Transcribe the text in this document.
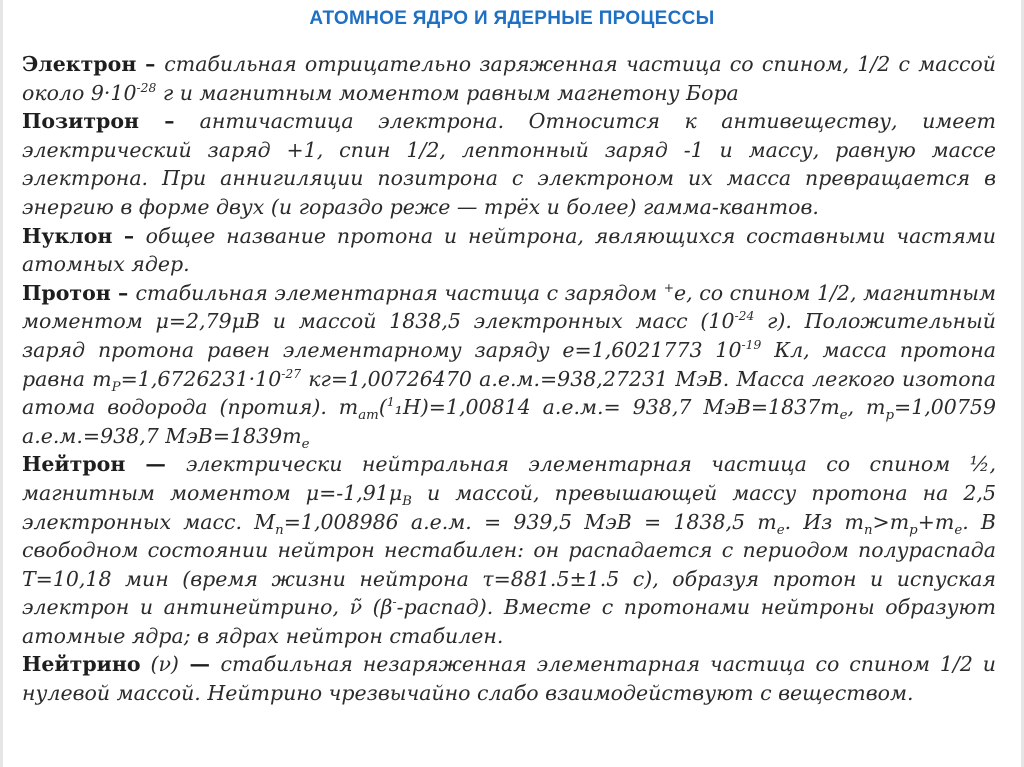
АТОМНОЕ ЯДРО И ЯДЕРНЫЕ ПРОЦЕССЫ

Электрон – стабильная отрицательно заряженная частица со спином, 1/2 с массой около $9\cdot 10^{-28}$ г и магнитным моментом равным магнетону Бора

Позитрон – античастица электрона. Относится к антивеществу, имеет электрический заряд +1, спин 1/2, лептонный заряд -1 и массу, равную массе электрона. При аннигиляции позитрона с электроном их масса превращается в энергию в форме двух (и гораздо реже — трёх и более) гамма-квантов.

Нуклон – общее название протона и нейтрона, являющихся составными частями атомных ядер.

Протон – стабильная элементарная частица с зарядом +е, со спином 1/2, магнитным моментом μ=2,79μB и массой 1838,5 электронных масс ($10^{-24}$ г). Положительный заряд протона равен элементарному заряду е=1,6021773 $10^{-19}$ Кл, масса протона равна $m_P=1,6726231\cdot 10^{-27}$ кг=1,00726470 а.е.м.=938,27231 МэВ. Масса легкого изотопа атома водорода (протия). $m_{am}(^1_1H)=1,00814$ а.е.м.= 938,7 $МэВ=1837m_e$, $m_p=1,00759$ а.е.м.=938,7 $МэВ=1839m_e$

Нейтрон — электрически нейтральная элементарная частица со спином ½, магнитным моментом $\mu=-1,91\mu_B$ и массой, превышающей массу протона на 2,5 электронных масс. $M_n=1,008986$ а.е.м. = 939,5 МэВ = 1838,5 $m_e$. Из $m_n>m_p+m_e$. В свободном состоянии нейтрон нестабилен: он распадается с периодом полураспада T=10,18 мин (время жизни нейтрона τ=881.5±1.5 с), образуя протон и испуская электрон и антинейтрино, ν̃ (β--распад). Вместе с протонами нейтроны образуют атомные ядра; в ядрах нейтрон стабилен.

Нейтрино (ν) — стабильная незаряженная элементарная частица со спином 1/2 и нулевой массой. Нейтрино чрезвычайно слабо взаимодействуют с веществом.
